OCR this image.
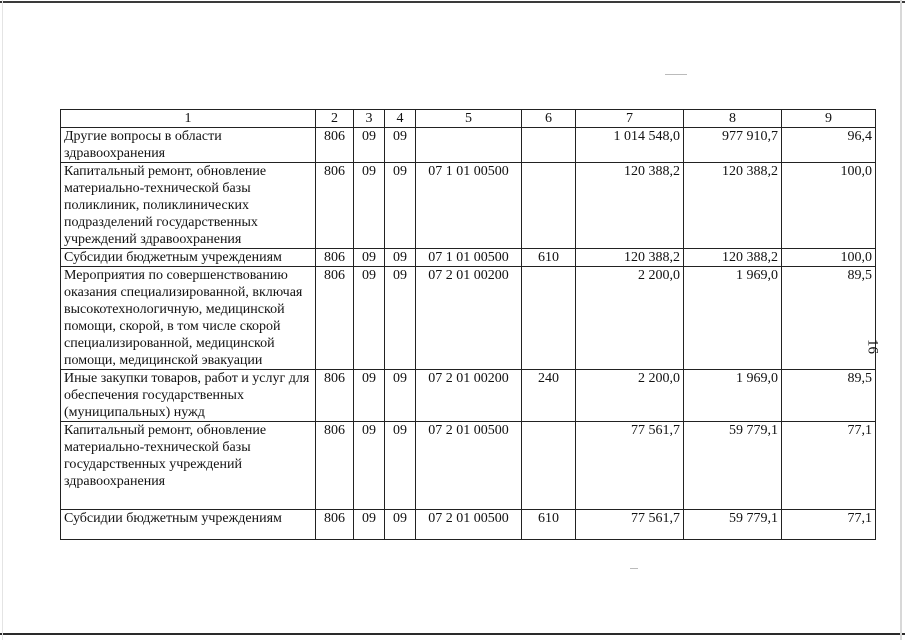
1	2	3	4	5	6	7	8	9
Другие вопросы в области здравоохранения	806	09	09			1 014 548,0	977 910,7	96,4
Капитальный ремонт, обновление материально-технической базы поликлиник, поликлинических подразделений государственных учреждений здравоохранения	806	09	09	07 1 01 00500		120 388,2	120 388,2	100,0
Субсидии бюджетным учреждениям	806	09	09	07 1 01 00500	610	120 388,2	120 388,2	100,0
Мероприятия по совершенствованию оказания специализированной, включая высокотехнологичную, медицинской помощи, скорой, в том числе скорой специализированной, медицинской помощи, медицинской эвакуации	806	09	09	07 2 01 00200		2 200,0	1 969,0	89,5
Иные закупки товаров, работ и услуг для обеспечения государственных (муниципальных) нужд	806	09	09	07 2 01 00200	240	2 200,0	1 969,0	89,5
Капитальный ремонт, обновление материально-технической базы государственных учреждений здравоохранения	806	09	09	07 2 01 00500		77 561,7	59 779,1	77,1
Субсидии бюджетным учреждениям	806	09	09	07 2 01 00500	610	77 561,7	59 779,1	77,1
16
